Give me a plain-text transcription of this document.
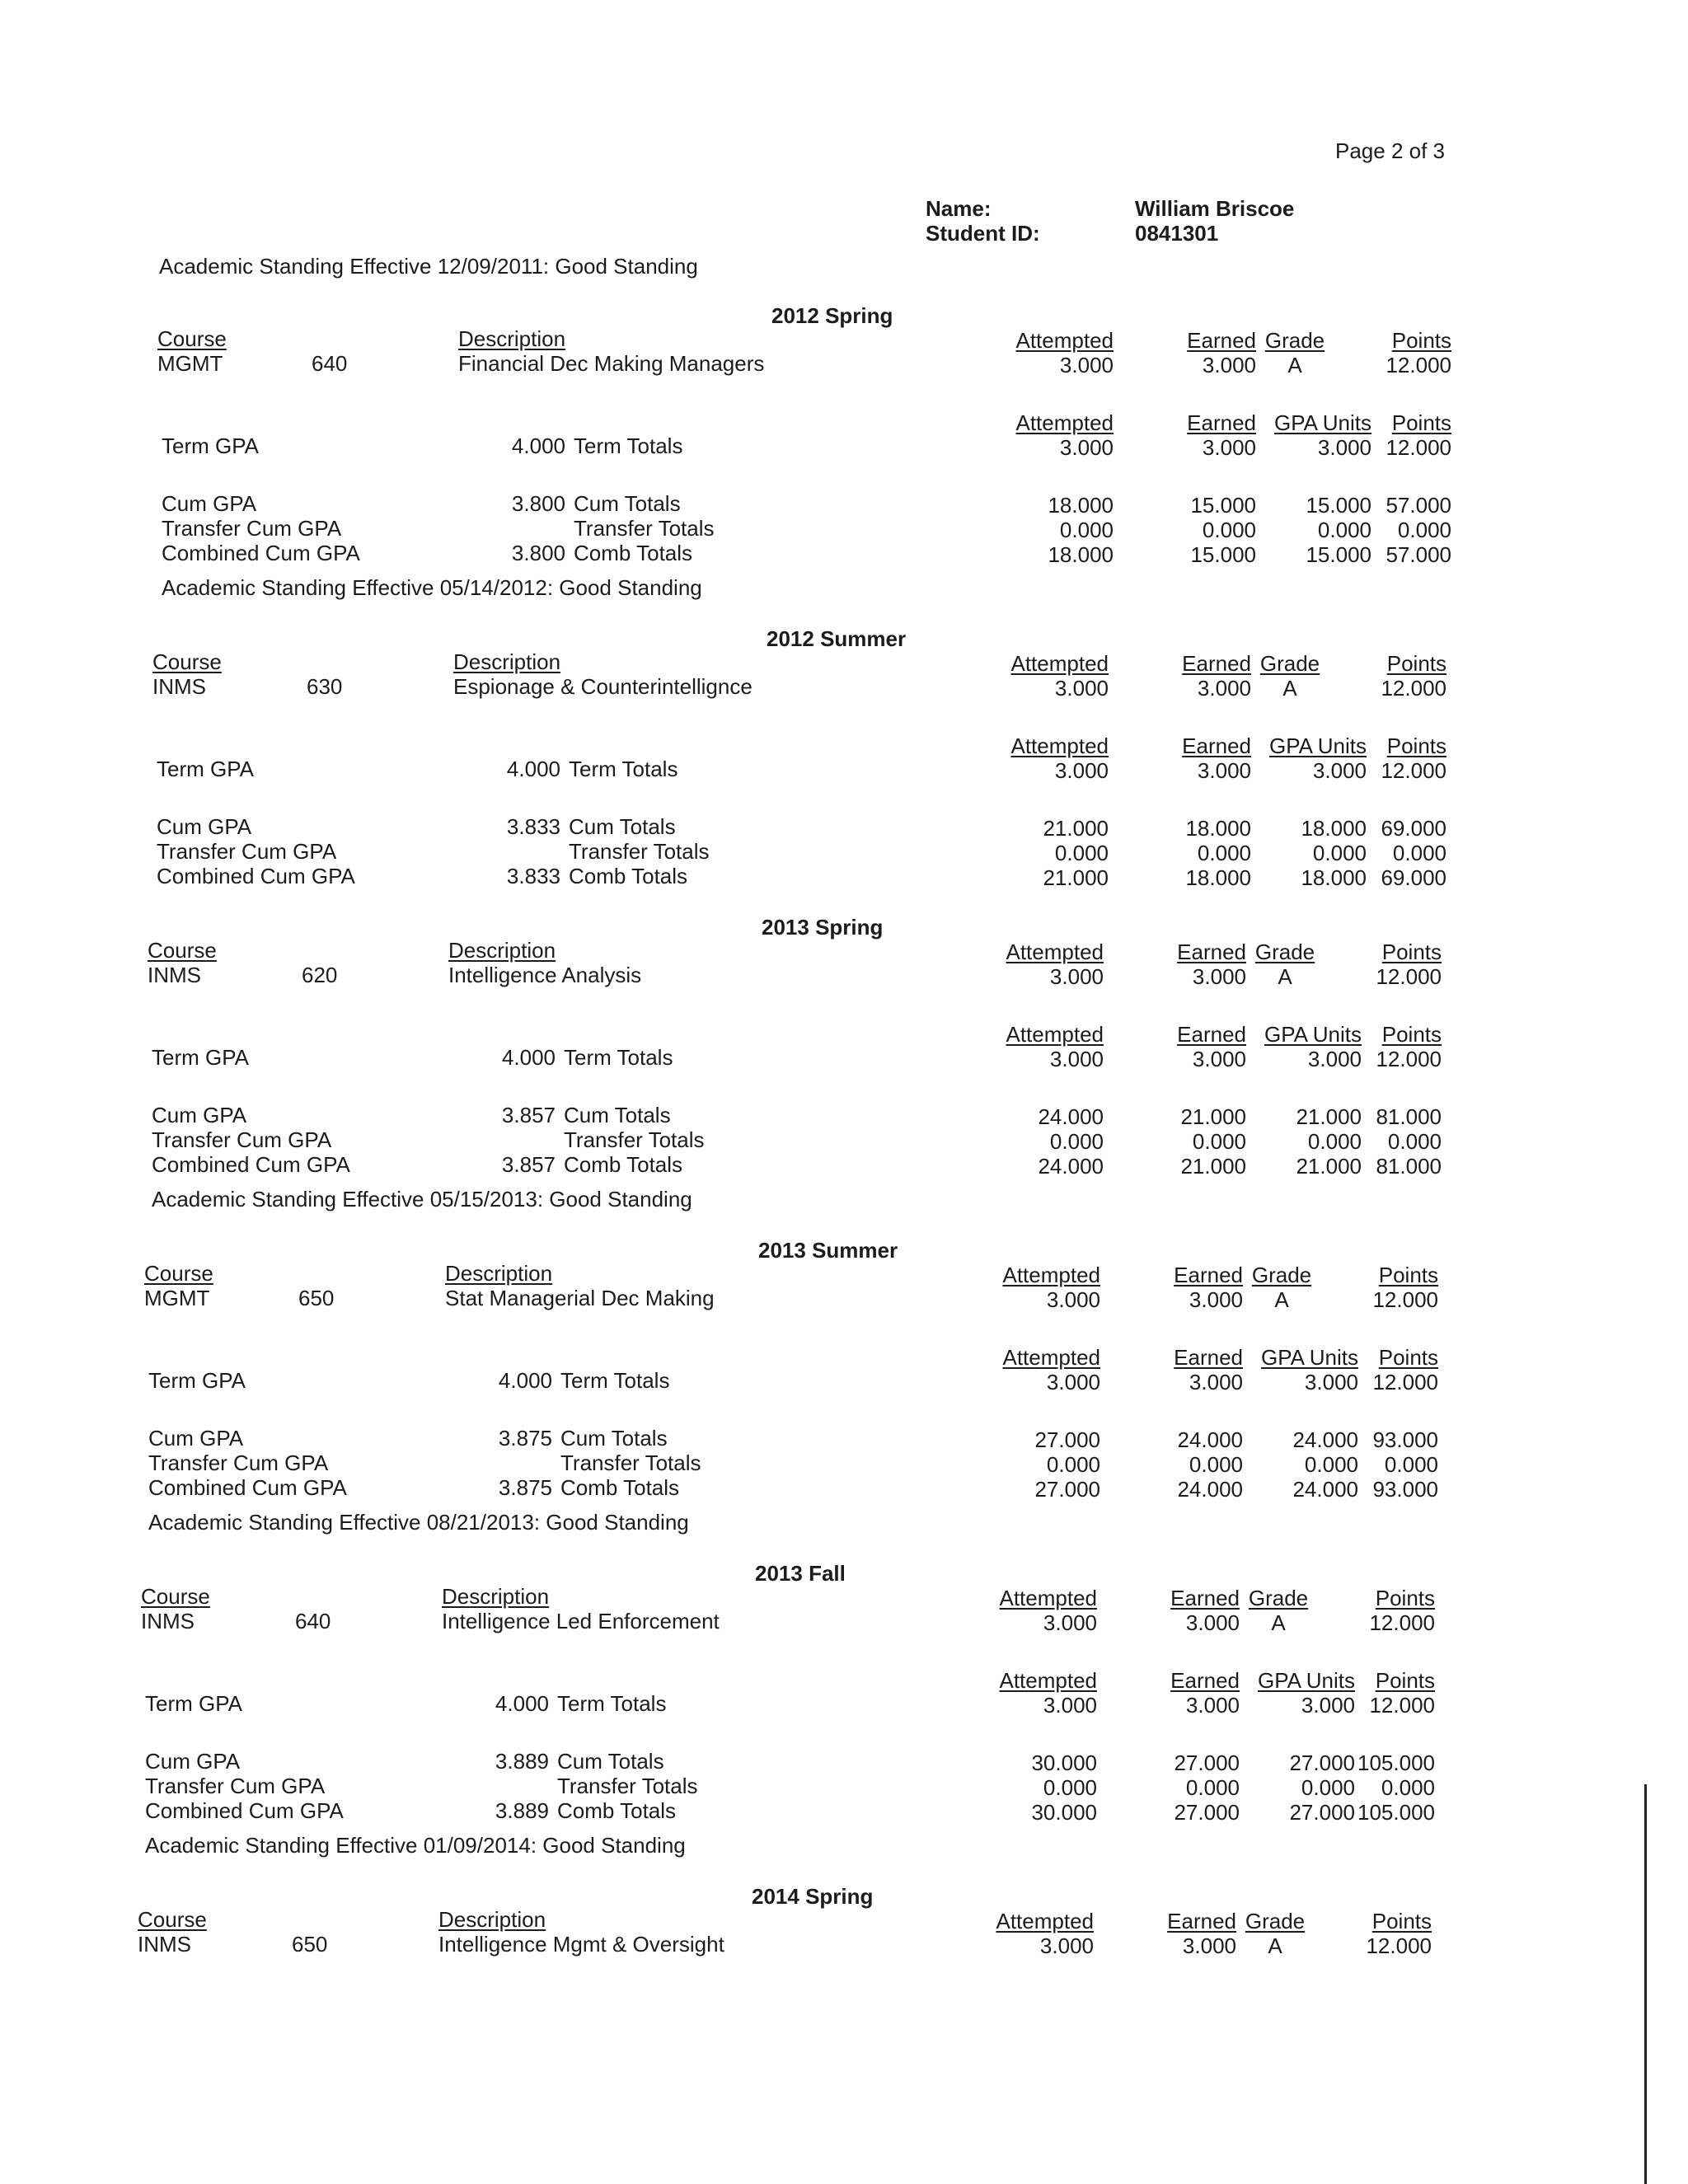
Page 2 of 3
Name:	William Briscoe
Student ID:	0841301
Academic Standing Effective 12/09/2011: Good Standing
2012 Spring
Course	Description	Attempted	Earned Grade	Points
MGMT	640	Financial Dec Making Managers	3.000	3.000	A	12.000
Attempted	Earned GPA Units Points
Term GPA	4.000 Term Totals	3.000	3.000	3.000 12.000
Cum GPA	3.800 Cum Totals	18.000	15.000	15.000 57.000
Transfer Cum GPA	Transfer Totals	0.000	0.000	0.000	0.000
Combined Cum GPA	3.800 Comb Totals	18.000	15.000	15.000 57.000
Academic Standing Effective 05/14/2012: Good Standing
2012 Summer
Course	Description	Attempted	Earned Grade	Points
INMS	630	Espionage & Counterintellignce	3.000	3.000	A	12.000
Attempted	Earned GPA Units Points
Term GPA	4.000 Term Totals	3.000	3.000	3.000 12.000
Cum GPA	3.833 Cum Totals	21.000	18.000	18.000 69.000
Transfer Cum GPA	Transfer Totals	0.000	0.000	0.000	0.000
Combined Cum GPA	3.833 Comb Totals	21.000	18.000	18.000 69.000
2013 Spring
Course	Description	Attempted	Earned Grade	Points
INMS	620	Intelligence Analysis	3.000	3.000	A	12.000
Attempted	Earned GPA Units Points
Term GPA	4.000 Term Totals	3.000	3.000	3.000 12.000
Cum GPA	3.857 Cum Totals	24.000	21.000	21.000 81.000
Transfer Cum GPA	Transfer Totals	0.000	0.000	0.000	0.000
Combined Cum GPA	3.857 Comb Totals	24.000	21.000	21.000 81.000
Academic Standing Effective 05/15/2013: Good Standing
2013 Summer
Course	Description	Attempted	Earned Grade	Points
MGMT	650	Stat Managerial Dec Making	3.000	3.000	A	12.000
Attempted	Earned GPA Units Points
Term GPA	4.000 Term Totals	3.000	3.000	3.000 12.000
Cum GPA	3.875 Cum Totals	27.000	24.000	24.000 93.000
Transfer Cum GPA	Transfer Totals	0.000	0.000	0.000	0.000
Combined Cum GPA	3.875 Comb Totals	27.000	24.000	24.000 93.000
Academic Standing Effective 08/21/2013: Good Standing
2013 Fall
Course	Description	Attempted	Earned Grade	Points
INMS	640	Intelligence Led Enforcement	3.000	3.000	A	12.000
Attempted	Earned GPA Units Points
Term GPA	4.000 Term Totals	3.000	3.000	3.000 12.000
Cum GPA	3.889 Cum Totals	30.000	27.000	27.000 105.000
Transfer Cum GPA	Transfer Totals	0.000	0.000	0.000	0.000
Combined Cum GPA	3.889 Comb Totals	30.000	27.000	27.000 105.000
Academic Standing Effective 01/09/2014: Good Standing
2014 Spring
Course	Description	Attempted	Earned Grade	Points
INMS	650	Intelligence Mgmt & Oversight	3.000	3.000	A	12.000
